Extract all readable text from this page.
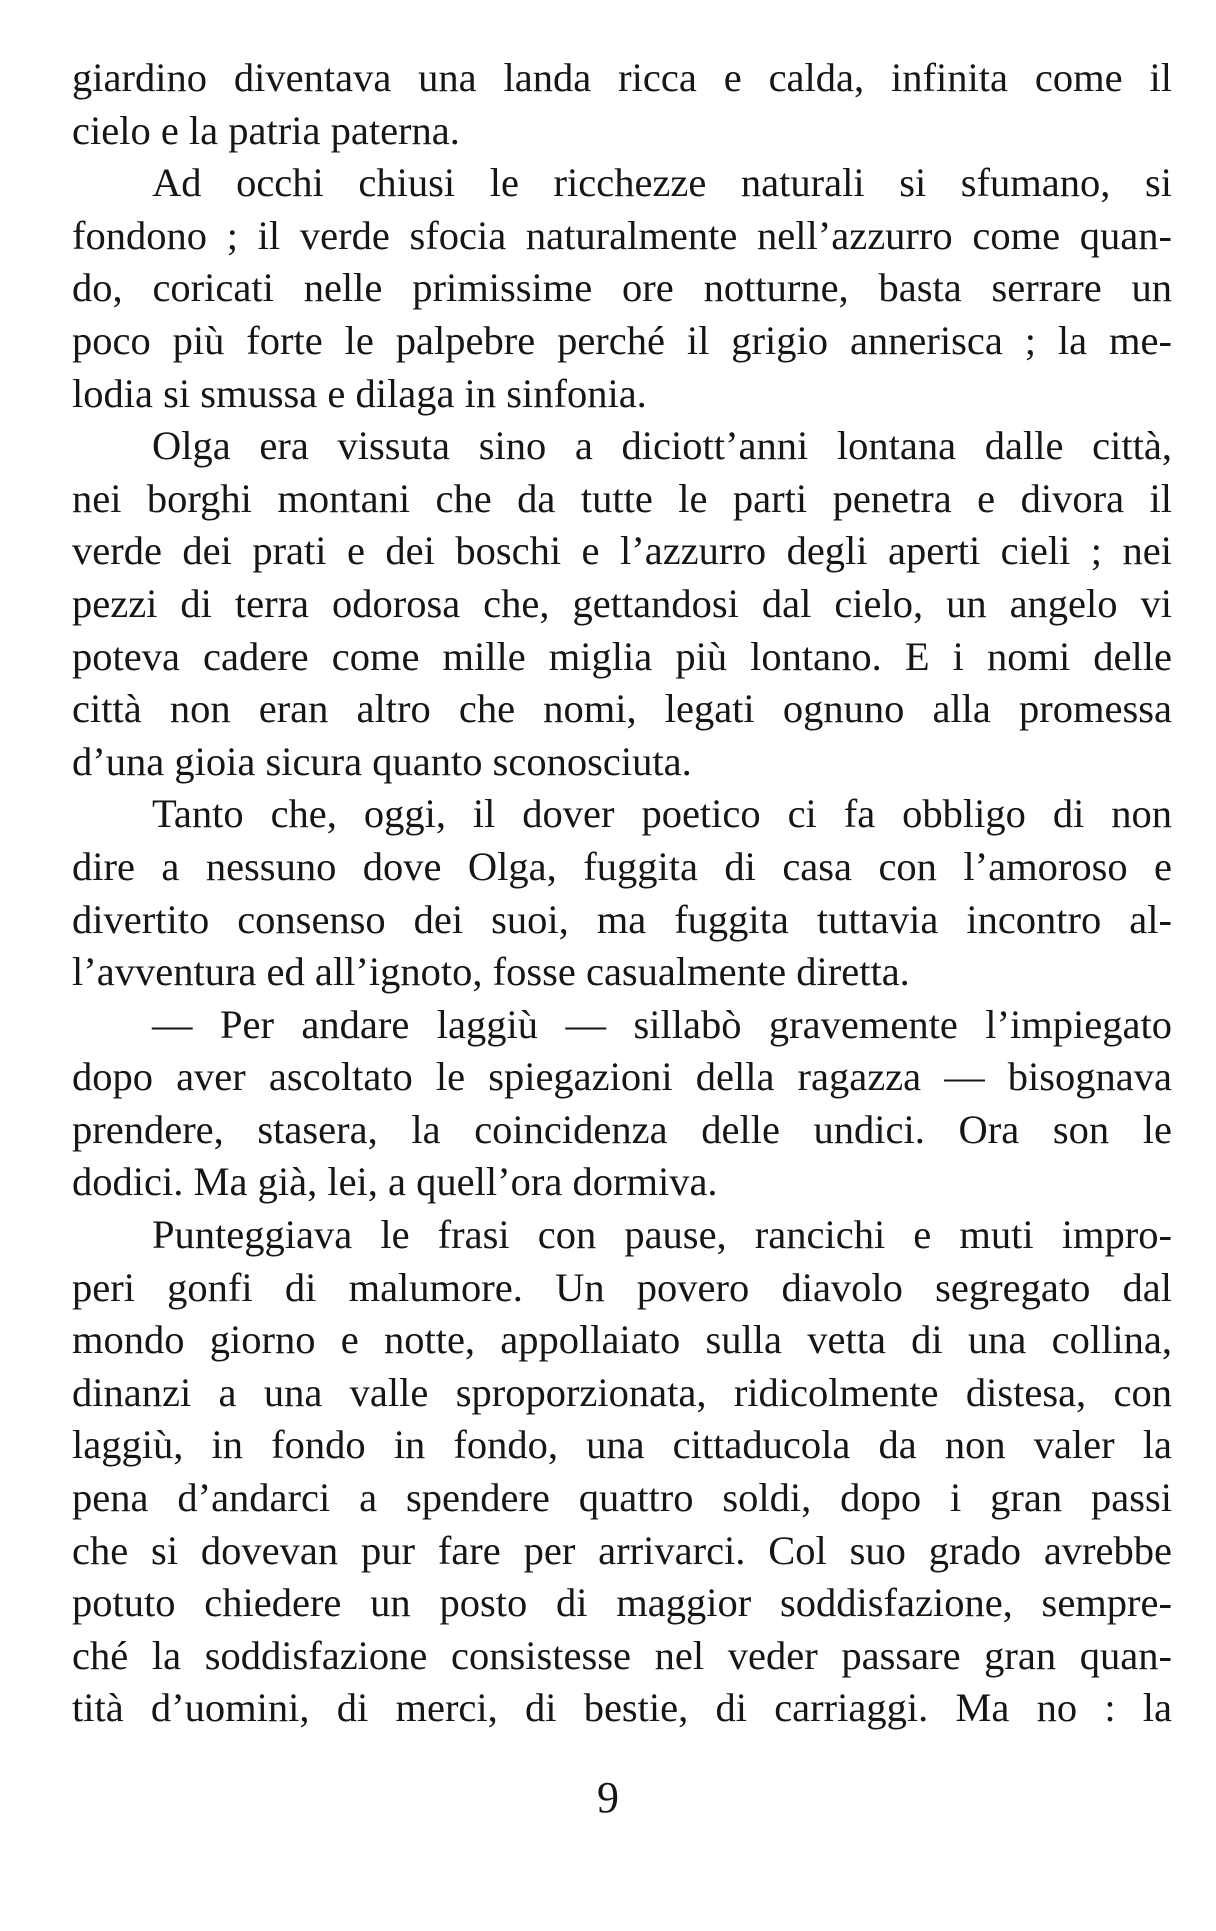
giardino diventava una landa ricca e calda, infinita come il
cielo e la patria paterna.

Ad occhi chiusi le ricchezze naturali si sfumano, si
fondono ; il verde sfocia naturalmente nell’azzurro come quan-
do, coricati nelle primissime ore notturne, basta serrare un
poco più forte le palpebre perché il grigio annerisca ; la me-
lodia si smussa e dilaga in sinfonia.

Olga era vissuta sino a diciott’anni lontana dalle città,
nei borghi montani che da tutte le parti penetra e divora il
verde dei prati e dei boschi e l’azzurro degli aperti cieli ; nei
pezzi di terra odorosa che, gettandosi dal cielo, un angelo vi
poteva cadere come mille miglia più lontano. E i nomi delle
città non eran altro che nomi, legati ognuno alla promessa
d’una gioia sicura quanto sconosciuta.

Tanto che, oggi, il dover poetico ci fa obbligo di non
dire a nessuno dove Olga, fuggita di casa con l’amoroso e
divertito consenso dei suoi, ma fuggita tuttavia incontro al-
l’avventura ed all’ignoto, fosse casualmente diretta.

— Per andare laggiù — sillabò gravemente l’impiegato
dopo aver ascoltato le spiegazioni della ragazza — bisognava
prendere, stasera, la coincidenza delle undici. Ora son le
dodici. Ma già, lei, a quell’ora dormiva.

Punteggiava le frasi con pause, rancichi e muti impro-
peri gonfi di malumore. Un povero diavolo segregato dal
mondo giorno e notte, appollaiato sulla vetta di una collina,
dinanzi a una valle sproporzionata, ridicolmente distesa, con
laggiù, in fondo in fondo, una cittaducola da non valer la
pena d’andarci a spendere quattro soldi, dopo i gran passi
che si dovevan pur fare per arrivarci. Col suo grado avrebbe
potuto chiedere un posto di maggior soddisfazione, sempre-
ché la soddisfazione consistesse nel veder passare gran quan-
tità d’uomini, di merci, di bestie, di carriaggi. Ma no : la

9
